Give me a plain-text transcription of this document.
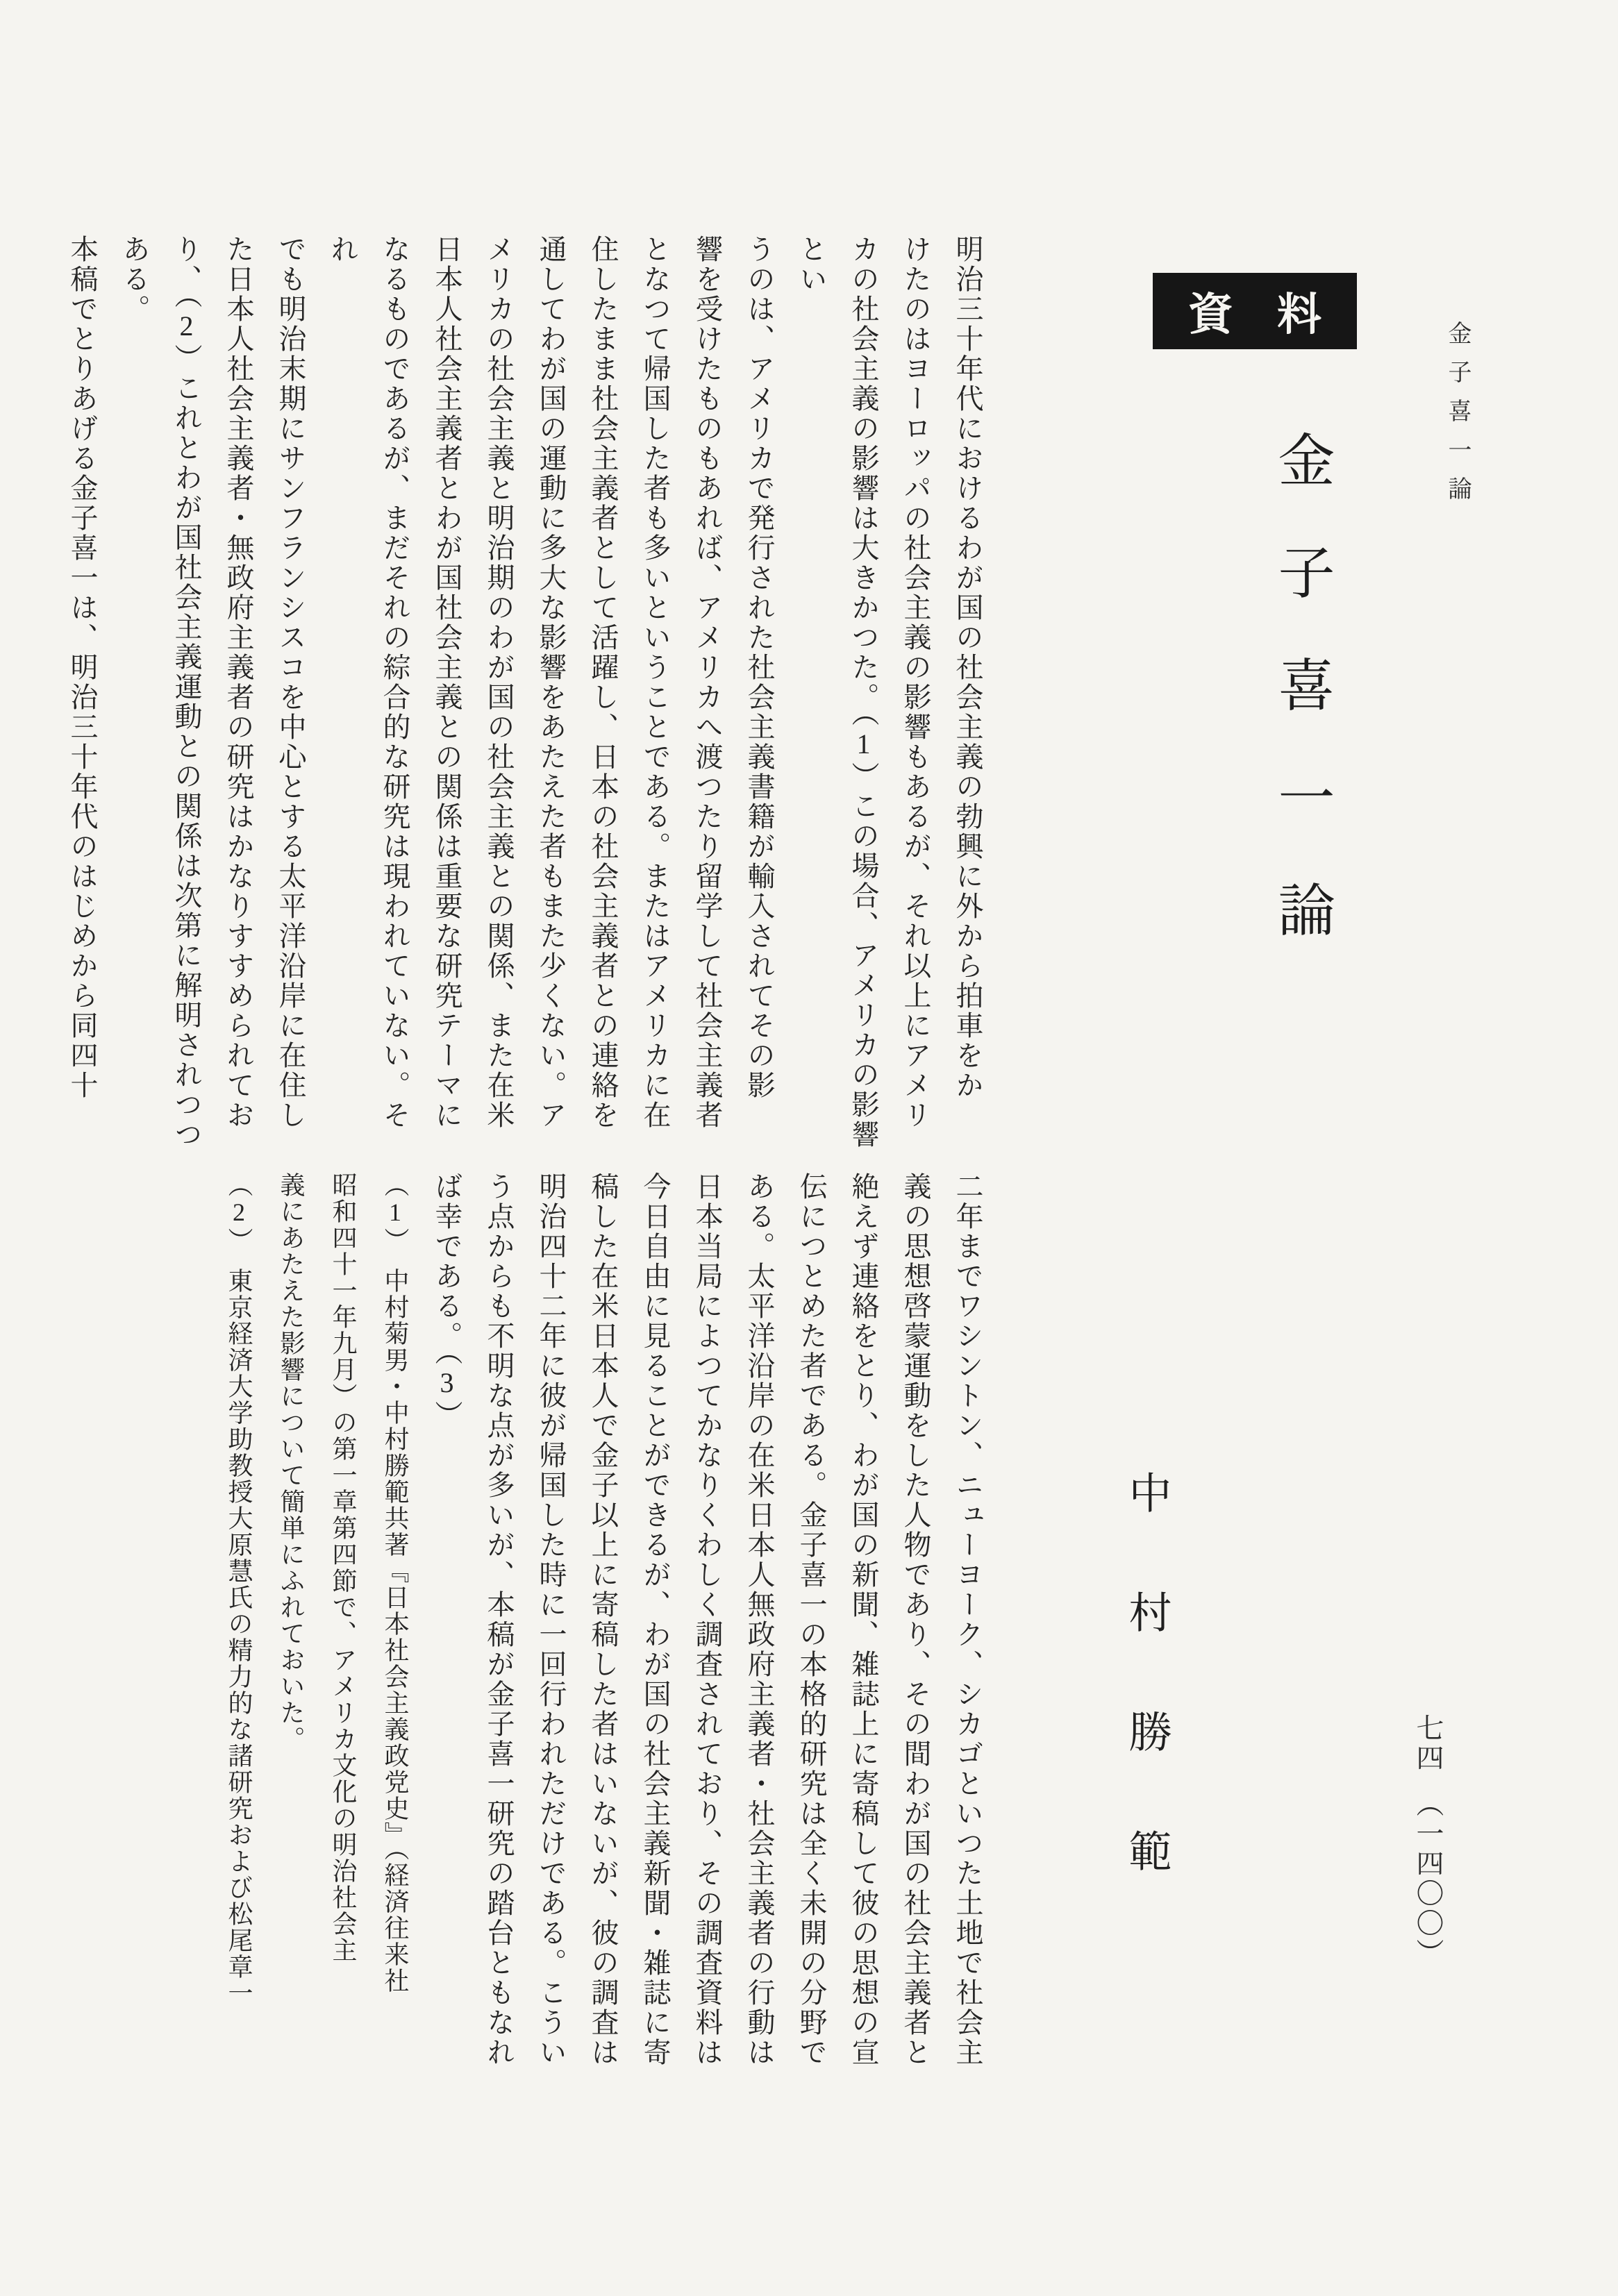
金子喜一論
資　料
金子喜一論
中村勝範	七四　（一四〇〇）

明治三十年代におけるわが国の社会主義の勃興に外から拍車をか

けたのはヨーロッパの社会主義の影響もあるが、それ以上にアメリ

カの社会主義の影響は大きかつた。（1）この場合、アメリカの影響とい

うのは、アメリカで発行された社会主義書籍が輸入されてその影

響を受けたものもあれば、アメリカへ渡つたり留学して社会主義者

となつて帰国した者も多いということである。またはアメリカに在

住したまま社会主義者として活躍し、日本の社会主義者との連絡を

通してわが国の運動に多大な影響をあたえた者もまた少くない。ア

メリカの社会主義と明治期のわが国の社会主義との関係、また在米

日本人社会主義者とわが国社会主義との関係は重要な研究テーマに

なるものであるが、まだそれの綜合的な研究は現われていない。それ

でも明治末期にサンフランシスコを中心とする太平洋沿岸に在住し

た日本人社会主義者・無政府主義者の研究はかなりすすめられてお

り、（2）これとわが国社会主義運動との関係は次第に解明されつつある。

本稿でとりあげる金子喜一は、明治三十年代のはじめから同四十

二年までワシントン、ニューヨーク、シカゴといつた土地で社会主

義の思想啓蒙運動をした人物であり、その間わが国の社会主義者と

絶えず連絡をとり、わが国の新聞、雑誌上に寄稿して彼の思想の宣

伝につとめた者である。金子喜一の本格的研究は全く未開の分野で

ある。太平洋沿岸の在米日本人無政府主義者・社会主義者の行動は

日本当局によつてかなりくわしく調査されており、その調査資料は

今日自由に見ることができるが、わが国の社会主義新聞・雑誌に寄

稿した在米日本人で金子以上に寄稿した者はいないが、彼の調査は

明治四十二年に彼が帰国した時に一回行われただけである。こうい

う点からも不明な点が多いが、本稿が金子喜一研究の踏台ともなれ

ば幸である。（3）

（1）　中村菊男・中村勝範共著『日本社会主義政党史』（経済往来社

昭和四十一年九月）の第一章第四節で、アメリカ文化の明治社会主

義にあたえた影響について簡単にふれておいた。

（2）　東京経済大学助教授大原慧氏の精力的な諸研究および松尾章一
